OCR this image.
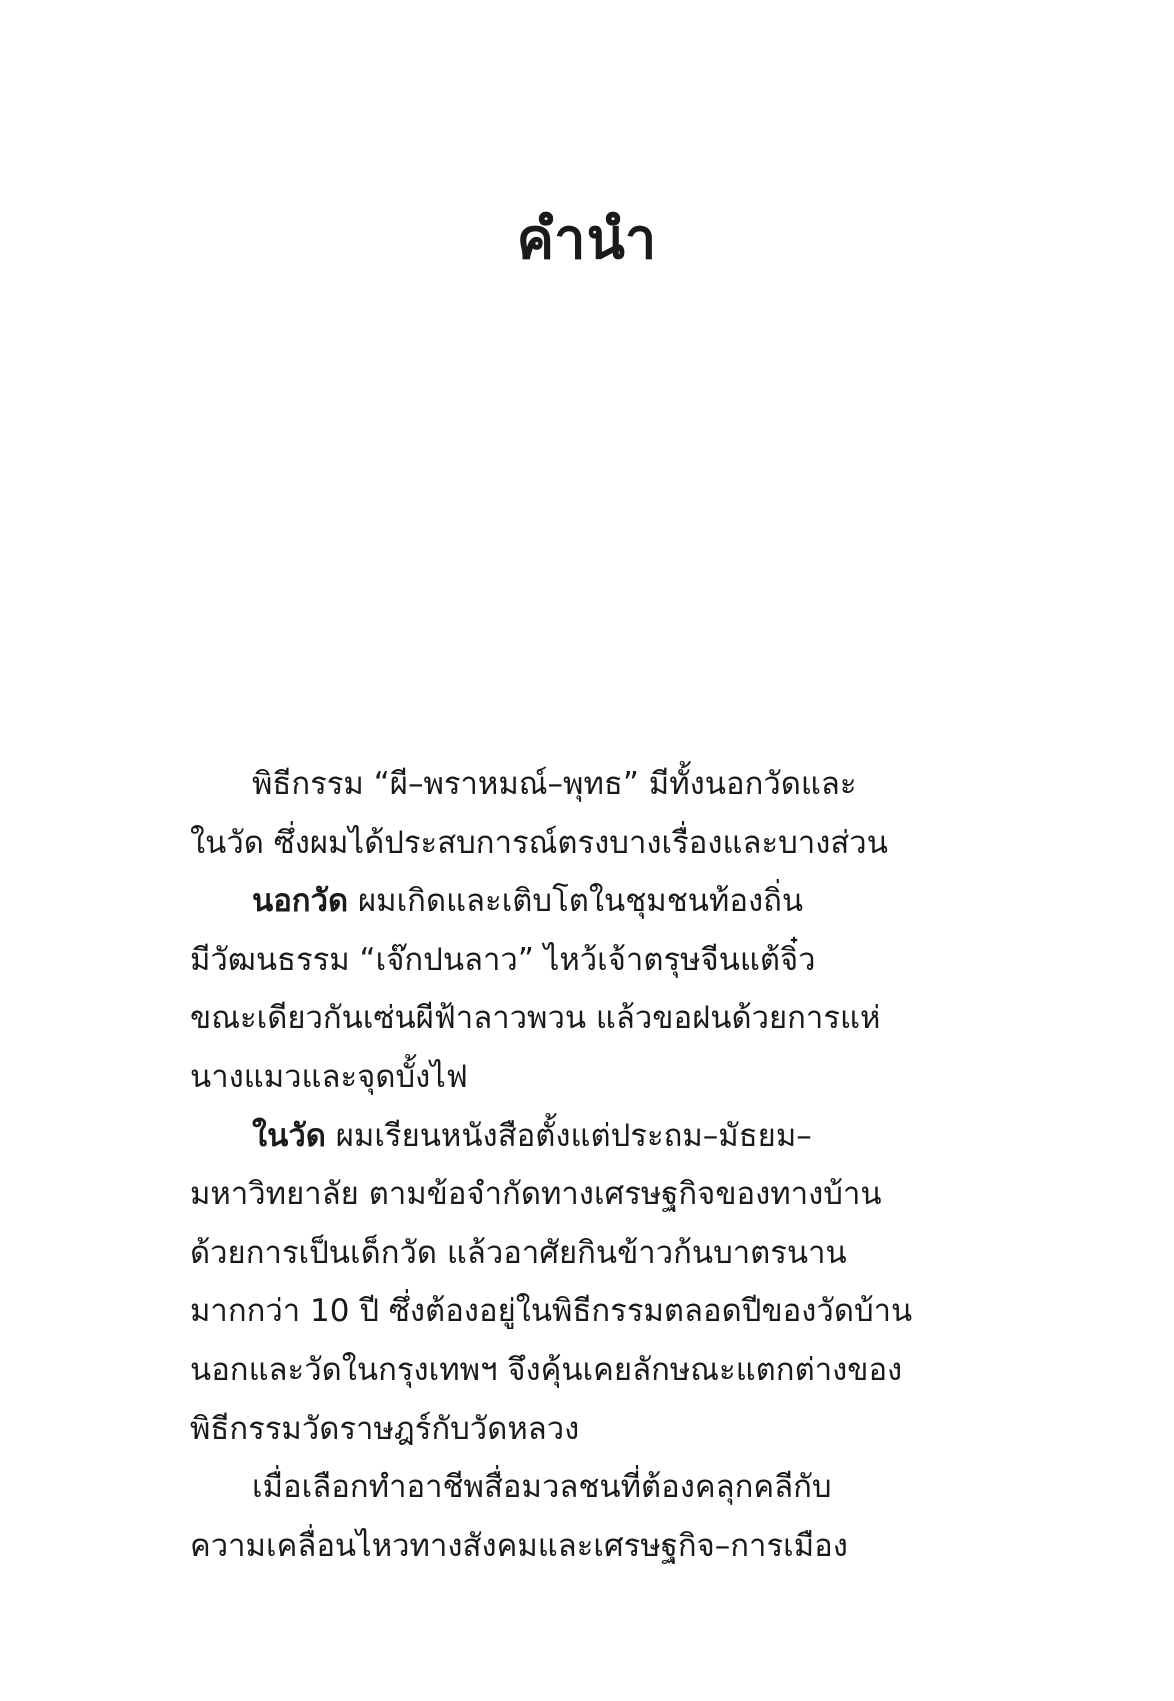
คำนำ
พิธีกรรม “ผี–พราหมณ์–พุทธ” มีทั้งนอกวัดและ
ในวัด ซึ่งผมได้ประสบการณ์ตรงบางเรื่องและบางส่วน
นอกวัด ผมเกิดและเติบโตในชุมชนท้องถิ่น
มีวัฒนธรรม “เจ๊กปนลาว” ไหว้เจ้าตรุษจีนแต้จิ๋ว
ขณะเดียวกันเซ่นผีฟ้าลาวพวน แล้วขอฝนด้วยการแห่
นางแมวและจุดบั้งไฟ
ในวัด ผมเรียนหนังสือตั้งแต่ประถม–มัธยม–
มหาวิทยาลัย ตามข้อจำกัดทางเศรษฐกิจของทางบ้าน
ด้วยการเป็นเด็กวัด แล้วอาศัยกินข้าวก้นบาตรนาน
มากกว่า 10 ปี ซึ่งต้องอยู่ในพิธีกรรมตลอดปีของวัดบ้าน
นอกและวัดในกรุงเทพฯ จึงคุ้นเคยลักษณะแตกต่างของ
พิธีกรรมวัดราษฎร์กับวัดหลวง
เมื่อเลือกทำอาชีพสื่อมวลชนที่ต้องคลุกคลีกับ
ความเคลื่อนไหวทางสังคมและเศรษฐกิจ–การเมือง
